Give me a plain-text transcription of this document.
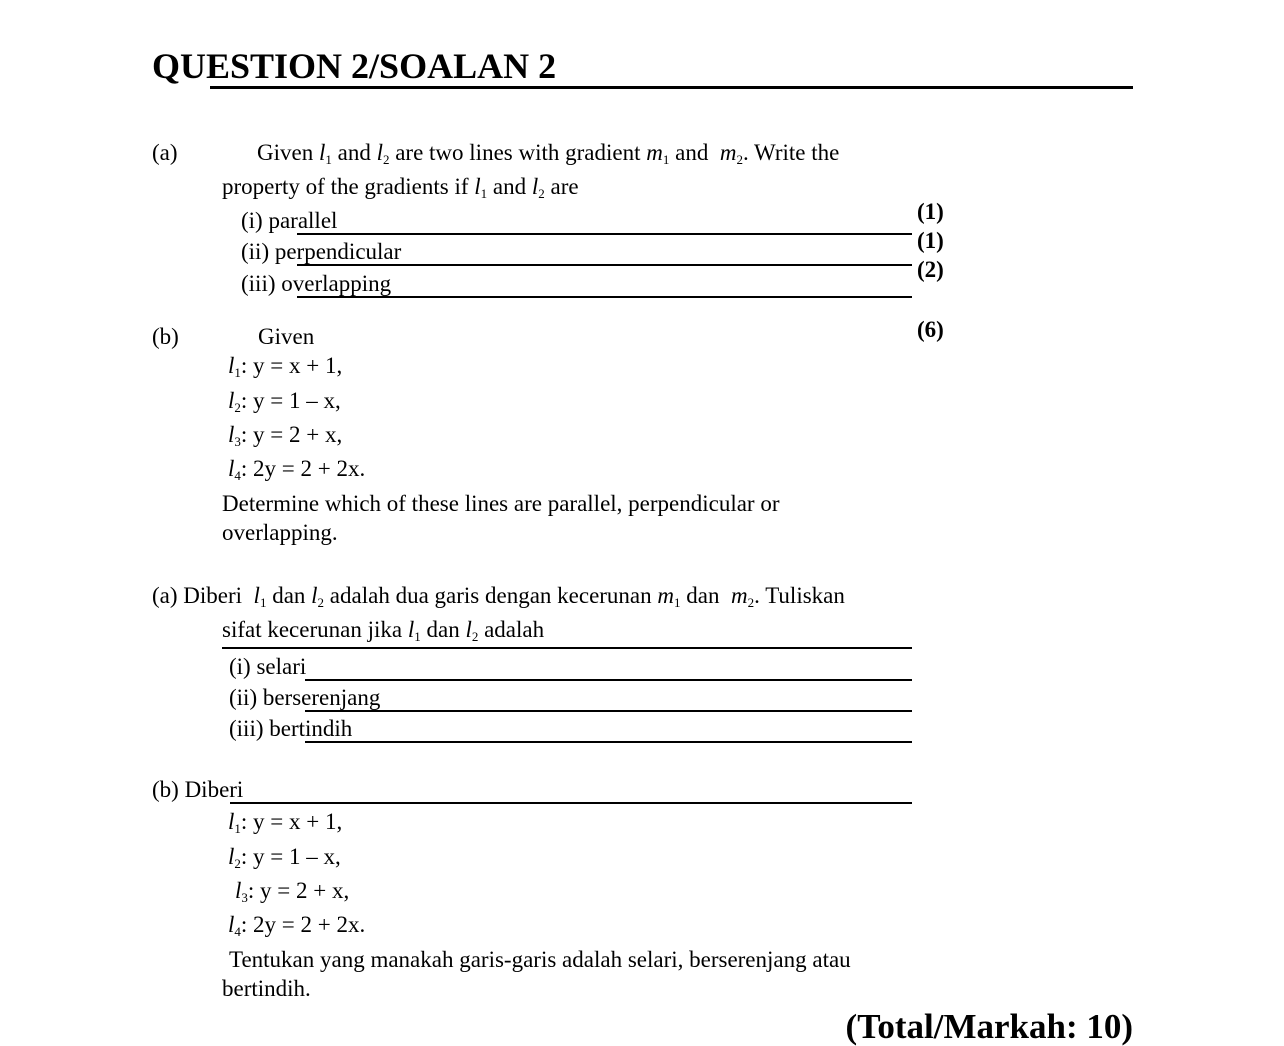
QUESTION 2/SOALAN 2
(a)	Given $l_1$ and $l_2$ are two lines with gradient $m_1$ and $m_2$. Write the
property of the gradients if $l_1$ and $l_2$ are
(i) parallel	(1)
(ii) perpendicular	(1)
(iii) overlapping
(2)
(b)	Given	(6)
$l_1$: y = x + 1,
$l_2$: y = 1 – x,
$l_3$: y = 2 + x,
$l_4$: 2y = 2 + 2x.
Determine which of these lines are parallel, perpendicular or
overlapping.
(a) Diberi $l_1$ dan $l_2$ adalah dua garis dengan kecerunan $m_1$ dan $m_2$. Tuliskan
sifat kecerunan jika $l_1$ dan $l_2$ adalah
(i) selari
(ii) berserenjang
(iii) bertindih
(b) Diberi
$l_1$: y = x + 1,
$l_2$: y = 1 – x,
$l_3$: y = 2 + x,
$l_4$: 2y = 2 + 2x.
Tentukan yang manakah garis-garis adalah selari, berserenjang atau
bertindih.
(Total/Markah: 10)
